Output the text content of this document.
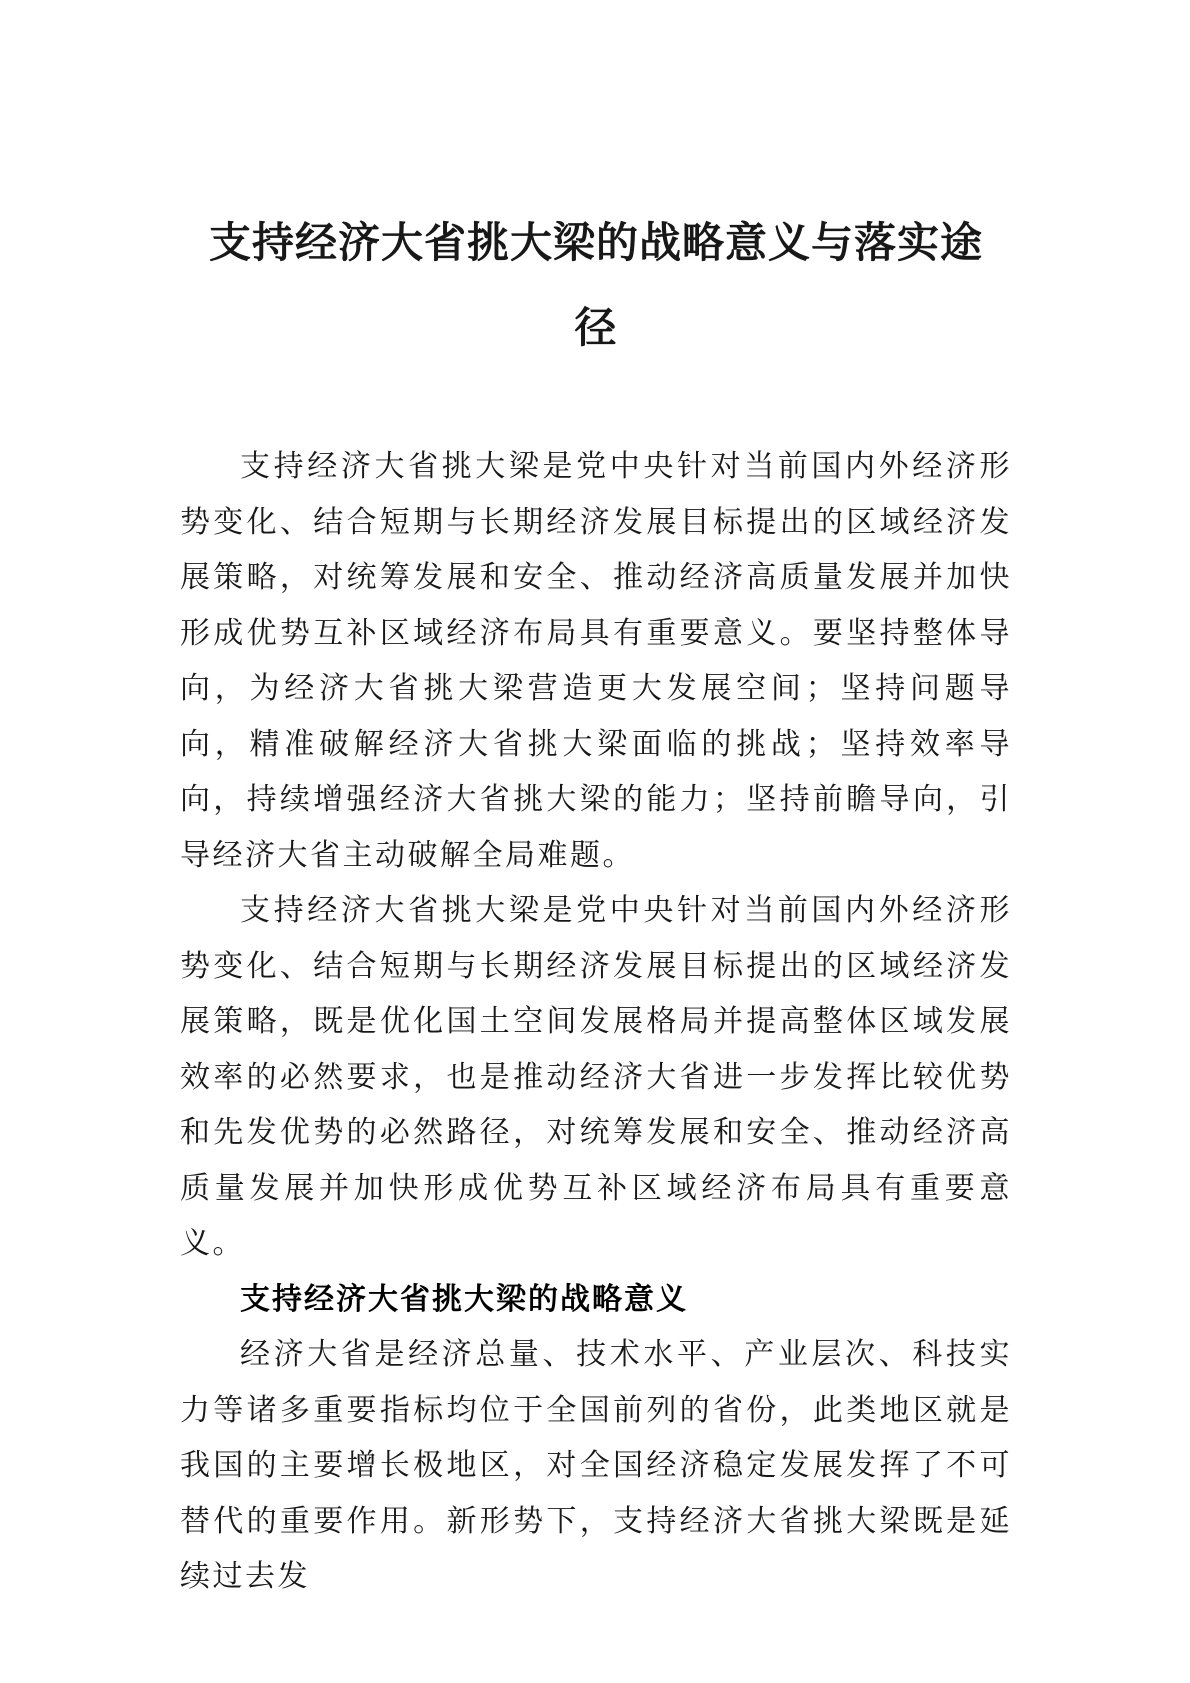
支持经济大省挑大梁的战略意义与落实途径

支持经济大省挑大梁是党中央针对当前国内外经济形势变化、结合短期与长期经济发展目标提出的区域经济发展策略，对统筹发展和安全、推动经济高质量发展并加快形成优势互补区域经济布局具有重要意义。要坚持整体导向，为经济大省挑大梁营造更大发展空间；坚持问题导向，精准破解经济大省挑大梁面临的挑战；坚持效率导向，持续增强经济大省挑大梁的能力；坚持前瞻导向，引导经济大省主动破解全局难题。

支持经济大省挑大梁是党中央针对当前国内外经济形势变化、结合短期与长期经济发展目标提出的区域经济发展策略，既是优化国土空间发展格局并提高整体区域发展效率的必然要求，也是推动经济大省进一步发挥比较优势和先发优势的必然路径，对统筹发展和安全、推动经济高质量发展并加快形成优势互补区域经济布局具有重要意义。

支持经济大省挑大梁的战略意义

经济大省是经济总量、技术水平、产业层次、科技实力等诸多重要指标均位于全国前列的省份，此类地区就是我国的主要增长极地区，对全国经济稳定发展发挥了不可替代的重要作用。新形势下，支持经济大省挑大梁既是延续过去发
